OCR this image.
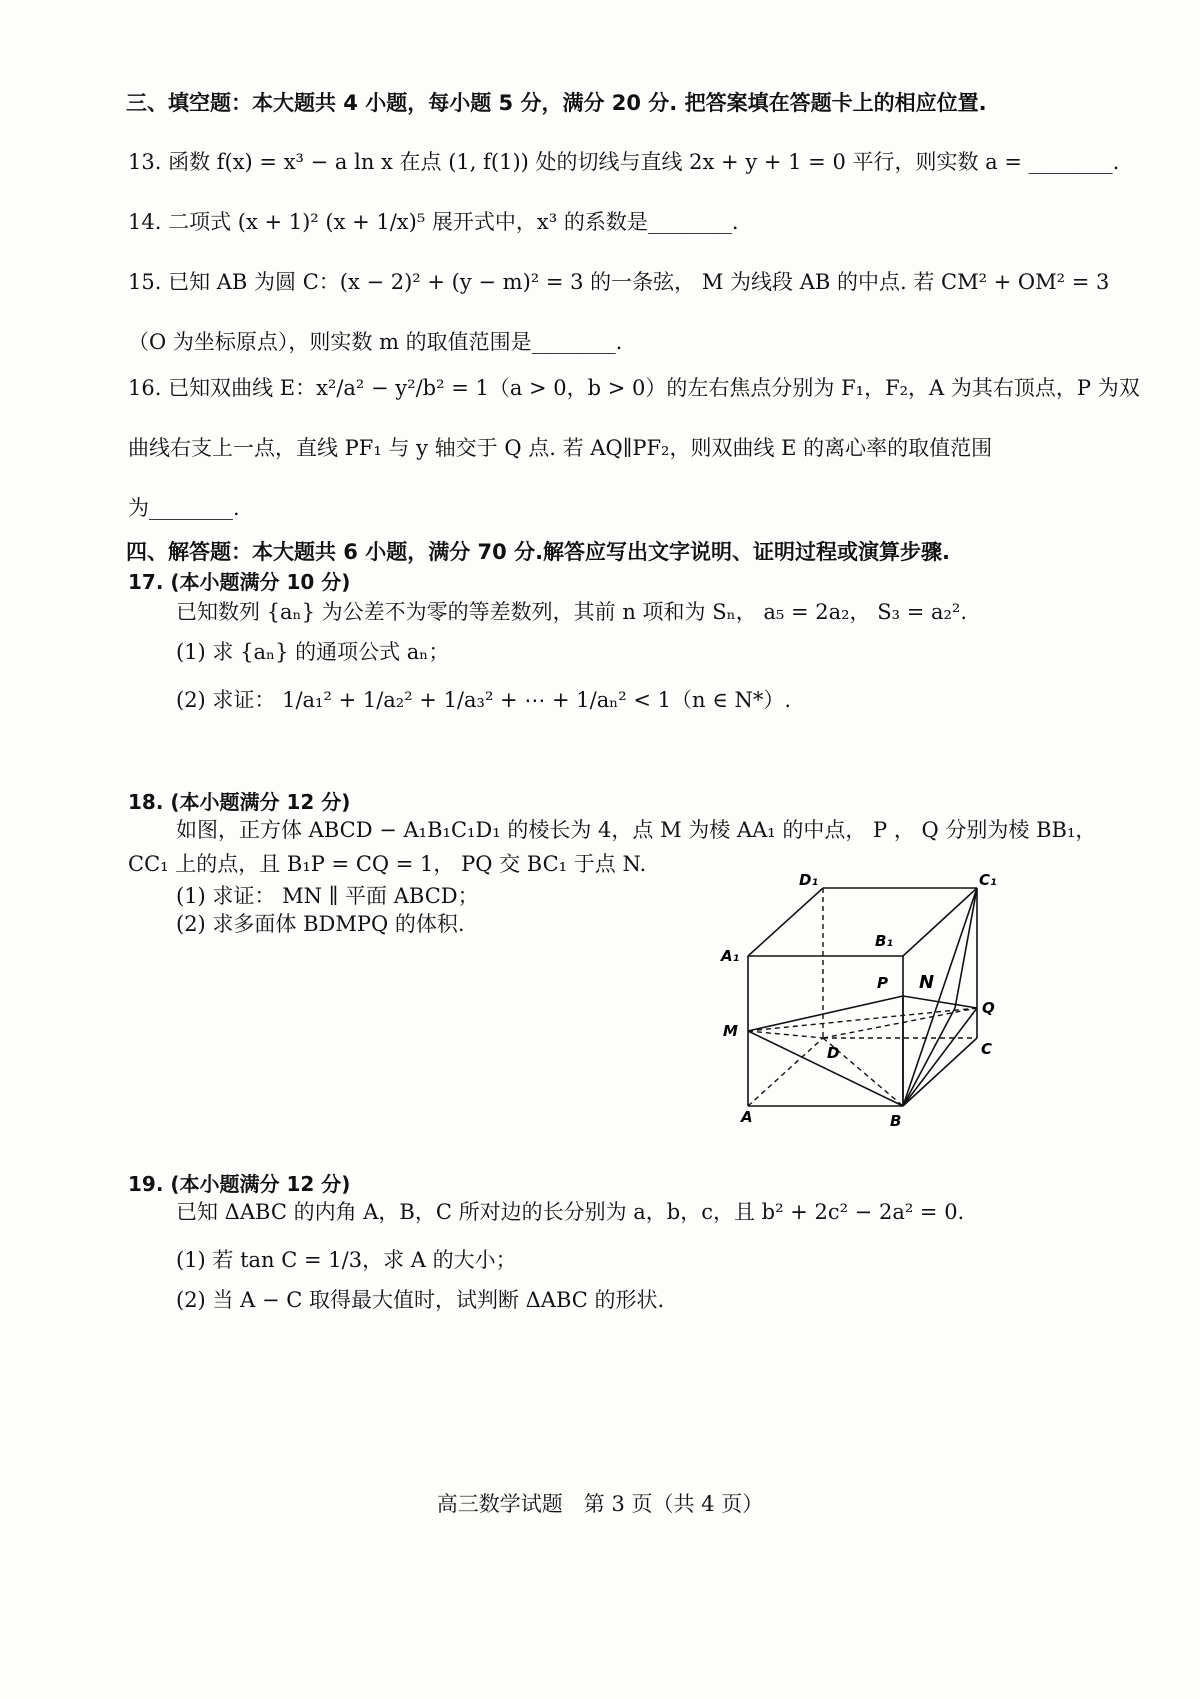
三、填空题：本大题共 4 小题，每小题 5 分，满分 20 分. 把答案填在答题卡上的相应位置.
13. 函数 f(x) = x³ − a ln x 在点 (1, f(1)) 处的切线与直线 2x + y + 1 = 0 平行，则实数 a = ________.
14. 二项式 (x + 1)² (x + 1/x)⁵ 展开式中，x³ 的系数是________.
15. 已知 AB 为圆 C：(x − 2)² + (y − m)² = 3 的一条弦， M 为线段 AB 的中点. 若 CM² + OM² = 3
（O 为坐标原点），则实数 m 的取值范围是________.
16. 已知双曲线 E：x²/a² − y²/b² = 1（a > 0，b > 0）的左右焦点分别为 F₁，F₂，A 为其右顶点，P 为双
曲线右支上一点，直线 PF₁ 与 y 轴交于 Q 点. 若 AQ∥PF₂，则双曲线 E 的离心率的取值范围
为________.
四、解答题：本大题共 6 小题，满分 70 分.解答应写出文字说明、证明过程或演算步骤.
17. (本小题满分 10 分)
已知数列 {aₙ} 为公差不为零的等差数列，其前 n 项和为 Sₙ， a₅ = 2a₂， S₃ = a₂².
(1) 求 {aₙ} 的通项公式 aₙ；
(2) 求证： 1/a₁² + 1/a₂² + 1/a₃² + ⋯ + 1/aₙ² < 1（n ∈ N*）.
18. (本小题满分 12 分)
如图，正方体 ABCD − A₁B₁C₁D₁ 的棱长为 4，点 M 为棱 AA₁ 的中点， P ， Q 分别为棱 BB₁，
CC₁ 上的点，且 B₁P = CQ = 1， PQ 交 BC₁ 于点 N.
(1) 求证： MN ∥ 平面 ABCD；
(2) 求多面体 BDMPQ 的体积.
D₁	C₁
B₁
A₁
P N
Q
M
D	C
A	B
19. (本小题满分 12 分)
已知 ΔABC 的内角 A，B，C 所对边的长分别为 a，b，c，且 b² + 2c² − 2a² = 0.
(1) 若 tan C = 1/3，求 A 的大小；
(2) 当 A − C 取得最大值时，试判断 ΔABC 的形状.
高三数学试题　第 3 页（共 4 页）
